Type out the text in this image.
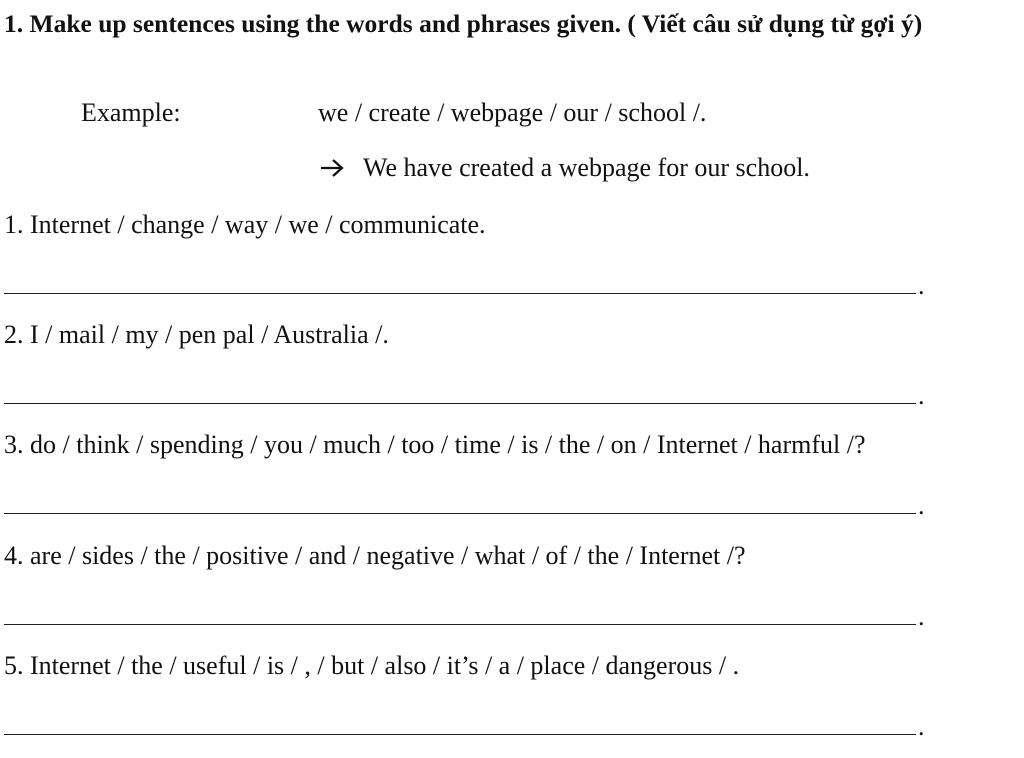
1. Make up sentences using the words and phrases given. ( Viết câu sử dụng từ gợi ý)
Example:	we / create / webpage / our / school /.
We have created a webpage for our school.
1. Internet / change / way / we / communicate.
.
2. I / mail / my / pen pal / Australia /.
.
3. do / think / spending / you / much / too / time / is / the / on / Internet / harmful /?
.
4. are / sides / the / positive / and / negative / what / of / the / Internet /?
.
5. Internet / the / useful / is / , / but / also / it’s / a / place / dangerous / .
.
